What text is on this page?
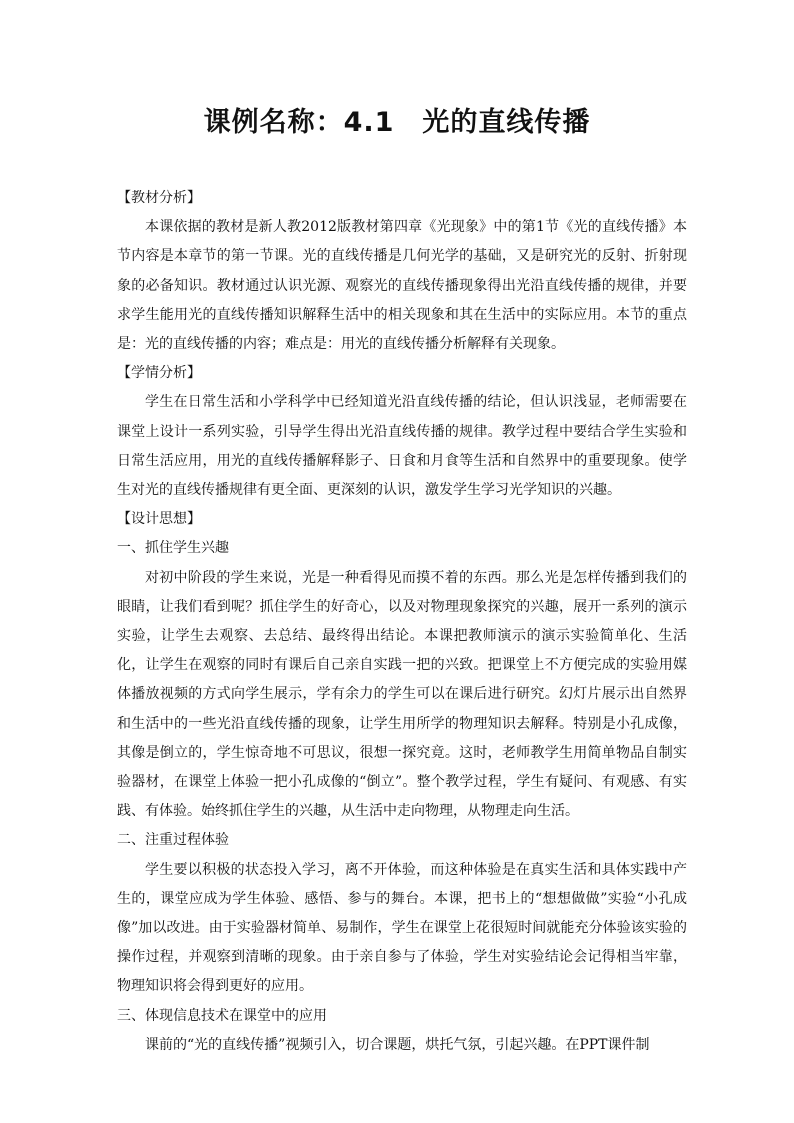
课例名称：4.1　光的直线传播
【教材分析】

本课依据的教材是新人教2012版教材第四章《光现象》中的第1节《光的直线传播》本节内容是本章节的第一节课。光的直线传播是几何光学的基础，又是研究光的反射、折射现象的必备知识。教材通过认识光源、观察光的直线传播现象得出光沿直线传播的规律，并要求学生能用光的直线传播知识解释生活中的相关现象和其在生活中的实际应用。本节的重点是：光的直线传播的内容；难点是：用光的直线传播分析解释有关现象。

【学情分析】

学生在日常生活和小学科学中已经知道光沿直线传播的结论，但认识浅显，老师需要在课堂上设计一系列实验，引导学生得出光沿直线传播的规律。教学过程中要结合学生实验和日常生活应用，用光的直线传播解释影子、日食和月食等生活和自然界中的重要现象。使学生对光的直线传播规律有更全面、更深刻的认识，激发学生学习光学知识的兴趣。

【设计思想】
一、抓住学生兴趣

对初中阶段的学生来说，光是一种看得见而摸不着的东西。那么光是怎样传播到我们的眼睛，让我们看到呢？抓住学生的好奇心，以及对物理现象探究的兴趣，展开一系列的演示实验，让学生去观察、去总结、最终得出结论。本课把教师演示的演示实验简单化、生活化，让学生在观察的同时有课后自己亲自实践一把的兴致。把课堂上不方便完成的实验用媒体播放视频的方式向学生展示，学有余力的学生可以在课后进行研究。幻灯片展示出自然界和生活中的一些光沿直线传播的现象，让学生用所学的物理知识去解释。特别是小孔成像，其像是倒立的，学生惊奇地不可思议，很想一探究竟。这时，老师教学生用简单物品自制实验器材，在课堂上体验一把小孔成像的“倒立”。整个教学过程，学生有疑问、有观感、有实践、有体验。始终抓住学生的兴趣，从生活中走向物理，从物理走向生活。

二、注重过程体验

学生要以积极的状态投入学习，离不开体验，而这种体验是在真实生活和具体实践中产生的，课堂应成为学生体验、感悟、参与的舞台。本课，把书上的“想想做做”实验“小孔成像”加以改进。由于实验器材简单、易制作，学生在课堂上花很短时间就能充分体验该实验的操作过程，并观察到清晰的现象。由于亲自参与了体验，学生对实验结论会记得相当牢靠，物理知识将会得到更好的应用。

三、体现信息技术在课堂中的应用

课前的“光的直线传播”视频引入，切合课题，烘托气氛，引起兴趣。在PPT课件制
